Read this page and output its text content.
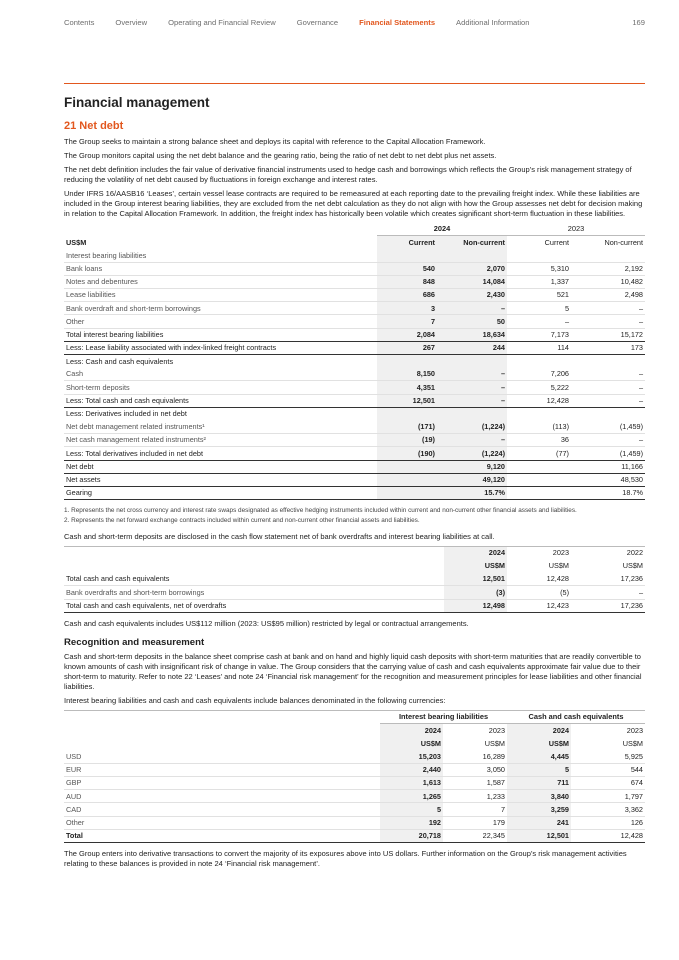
Contents	Overview	Operating and Financial Review	Governance	Financial Statements	Additional Information	169
Financial management
21 Net debt

The Group seeks to maintain a strong balance sheet and deploys its capital with reference to the Capital Allocation Framework.

The Group monitors capital using the net debt balance and the gearing ratio, being the ratio of net debt to net debt plus net assets.

The net debt definition includes the fair value of derivative financial instruments used to hedge cash and borrowings which reflects the Group’s risk management strategy of reducing the volatility of net debt caused by fluctuations in foreign exchange and interest rates.

Under IFRS 16/AASB16 ‘Leases’, certain vessel lease contracts are required to be remeasured at each reporting date to the prevailing freight index. While these liabilities are included in the Group interest bearing liabilities, they are excluded from the net debt calculation as they do not align with how the Group assesses net debt for decision making in relation to the Capital Allocation Framework. In addition, the freight index has historically been volatile which creates significant short-term fluctuation in these liabilities.

	2024		2023	
US$M	Current	Non-current	Current	Non-current
Interest bearing liabilities				
Bank loans	540	2,070	5,310	2,192
Notes and debentures	848	14,084	1,337	10,482
Lease liabilities	686	2,430	521	2,498
Bank overdraft and short-term borrowings	3	–	5	–
Other	7	50	–	–
Total interest bearing liabilities	2,084	18,634	7,173	15,172
Less: Lease liability associated with index-linked freight contracts	267	244	114	173
Less: Cash and cash equivalents				
Cash	8,150	–	7,206	–
Short-term deposits	4,351	–	5,222	–
Less: Total cash and cash equivalents	12,501	–	12,428	–
Less: Derivatives included in net debt				
Net debt management related instruments¹	(171)	(1,224)	(113)	(1,459)
Net cash management related instruments²	(19)	–	36	–
Less: Total derivatives included in net debt	(190)	(1,224)	(77)	(1,459)
Net debt		9,120		11,166
Net assets		49,120		48,530
Gearing		15.7%		18.7%
1. Represents the net cross currency and interest rate swaps designated as effective hedging instruments included within current and non-current other financial assets and liabilities.
2. Represents the net forward exchange contracts included within current and non-current other financial assets and liabilities.

Cash and short-term deposits are disclosed in the cash flow statement net of bank overdrafts and interest bearing liabilities at call.

	2024	2023	2022
	US$M	US$M	US$M
Total cash and cash equivalents	12,501	12,428	17,236
Bank overdrafts and short-term borrowings	(3)	(5)	–
Total cash and cash equivalents, net of overdrafts	12,498	12,423	17,236

Cash and cash equivalents includes US$112 million (2023: US$95 million) restricted by legal or contractual arrangements.

Recognition and measurement

Cash and short-term deposits in the balance sheet comprise cash at bank and on hand and highly liquid cash deposits with short-term maturities that are readily convertible to known amounts of cash with insignificant risk of change in value. The Group considers that the carrying value of cash and cash equivalents approximate fair value due to their short-term to maturity. Refer to note 22 ‘Leases’ and note 24 ‘Financial risk management’ for the recognition and measurement principles for lease liabilities and other financial liabilities.

Interest bearing liabilities and cash and cash equivalents include balances denominated in the following currencies:

	Interest bearing liabilities		Cash and cash equivalents	
	2024	2023	2024	2023
	US$M	US$M	US$M	US$M
USD	15,203	16,289	4,445	5,925
EUR	2,440	3,050	5	544
GBP	1,613	1,587	711	674
AUD	1,265	1,233	3,840	1,797
CAD	5	7	3,259	3,362
Other	192	179	241	126
Total	20,718	22,345	12,501	12,428

The Group enters into derivative transactions to convert the majority of its exposures above into US dollars. Further information on the Group’s risk management activities relating to these balances is provided in note 24 ‘Financial risk management’.
